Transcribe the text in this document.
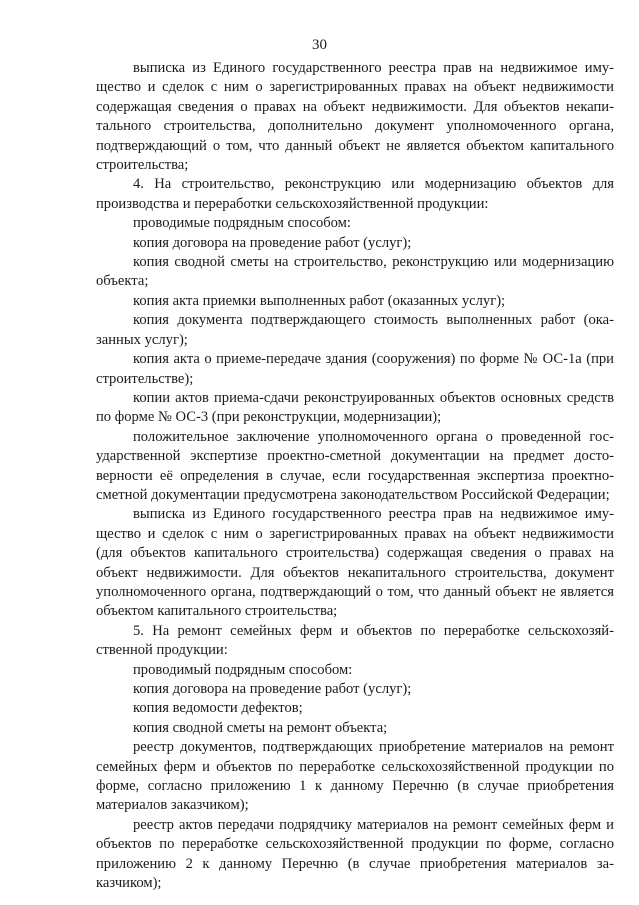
30

выписка из Единого государственного реестра прав на недвижимое имущество и сделок с ним о зарегистрированных правах на объект недвижимости содержащая сведения о правах на объект недвижимости. Для объектов некапитального строительства, дополнительно документ уполномоченного органа, подтверждающий о том, что данный объект не является объектом капитального строительства;

4. На строительство, реконструкцию или модернизацию объектов для производства и переработки сельскохозяйственной продукции:

проводимые подрядным способом:

копия договора на проведение работ (услуг);

копия сводной сметы на строительство, реконструкцию или модернизацию объекта;

копия акта приемки выполненных работ (оказанных услуг);

копия документа подтверждающего стоимость выполненных работ (оказанных услуг);

копия акта о приеме-передаче здания (сооружения) по форме № ОС-1а (при строительстве);

копии актов приема-сдачи реконструированных объектов основных средств по форме № ОС-3 (при реконструкции, модернизации);

положительное заключение уполномоченного органа о проведенной государственной экспертизе проектно-сметной документации на предмет достоверности её определения в случае, если государственная экспертиза проектно-сметной документации предусмотрена законодательством Российской Федерации;

выписка из Единого государственного реестра прав на недвижимое имущество и сделок с ним о зарегистрированных правах на объект недвижимости (для объектов капитального строительства) содержащая сведения о правах на объект недвижимости. Для объектов некапитального строительства, документ уполномоченного органа, подтверждающий о том, что данный объект не является объектом капитального строительства;

5. На ремонт семейных ферм и объектов по переработке сельскохозяйственной продукции:

проводимый подрядным способом:

копия договора на проведение работ (услуг);

копия ведомости дефектов;

копия сводной сметы на ремонт объекта;

реестр документов, подтверждающих приобретение материалов на ремонт семейных ферм и объектов по переработке сельскохозяйственной продукции по форме, согласно приложению 1 к данному Перечню (в случае приобретения материалов заказчиком);

реестр актов передачи подрядчику материалов на ремонт семейных ферм и объектов по переработке сельскохозяйственной продукции по форме, согласно приложению 2 к данному Перечню (в случае приобретения материалов заказчиком);
